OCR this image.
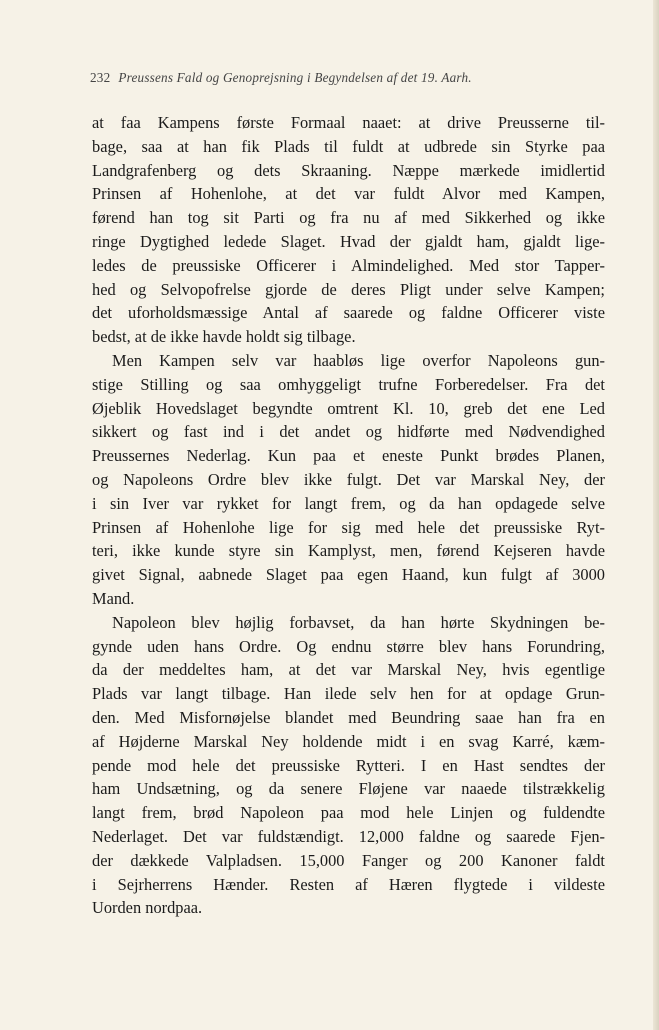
232 Preussens Fald og Genoprejsning i Begyndelsen af det 19. Aarh.
at faa Kampens første Formaal naaet: at drive Preusserne til-
bage, saa at han fik Plads til fuldt at udbrede sin Styrke paa
Landgrafenberg og dets Skraaning. Næppe mærkede imidlertid
Prinsen af Hohenlohe, at det var fuldt Alvor med Kampen,
førend han tog sit Parti og fra nu af med Sikkerhed og ikke
ringe Dygtighed ledede Slaget. Hvad der gjaldt ham, gjaldt lige-
ledes de preussiske Officerer i Almindelighed. Med stor Tapper-
hed og Selvopofrelse gjorde de deres Pligt under selve Kampen;
det uforholdsmæssige Antal af saarede og faldne Officerer viste
bedst, at de ikke havde holdt sig tilbage.
Men Kampen selv var haabløs lige overfor Napoleons gun-
stige Stilling og saa omhyggeligt trufne Forberedelser. Fra det
Øjeblik Hovedslaget begyndte omtrent Kl. 10, greb det ene Led
sikkert og fast ind i det andet og hidførte med Nødvendighed
Preussernes Nederlag. Kun paa et eneste Punkt brødes Planen,
og Napoleons Ordre blev ikke fulgt. Det var Marskal Ney, der
i sin Iver var rykket for langt frem, og da han opdagede selve
Prinsen af Hohenlohe lige for sig med hele det preussiske Ryt-
teri, ikke kunde styre sin Kamplyst, men, førend Kejseren havde
givet Signal, aabnede Slaget paa egen Haand, kun fulgt af 3000
Mand.
Napoleon blev højlig forbavset, da han hørte Skydningen be-
gynde uden hans Ordre. Og endnu større blev hans Forundring,
da der meddeltes ham, at det var Marskal Ney, hvis egentlige
Plads var langt tilbage. Han ilede selv hen for at opdage Grun-
den. Med Misfornøjelse blandet med Beundring saae han fra en
af Højderne Marskal Ney holdende midt i en svag Karré, kæm-
pende mod hele det preussiske Rytteri. I en Hast sendtes der
ham Undsætning, og da senere Fløjene var naaede tilstrækkelig
langt frem, brød Napoleon paa mod hele Linjen og fuldendte
Nederlaget. Det var fuldstændigt. 12,000 faldne og saarede Fjen-
der dækkede Valpladsen. 15,000 Fanger og 200 Kanoner faldt
i Sejrherrens Hænder. Resten af Hæren flygtede i vildeste
Uorden nordpaa.
